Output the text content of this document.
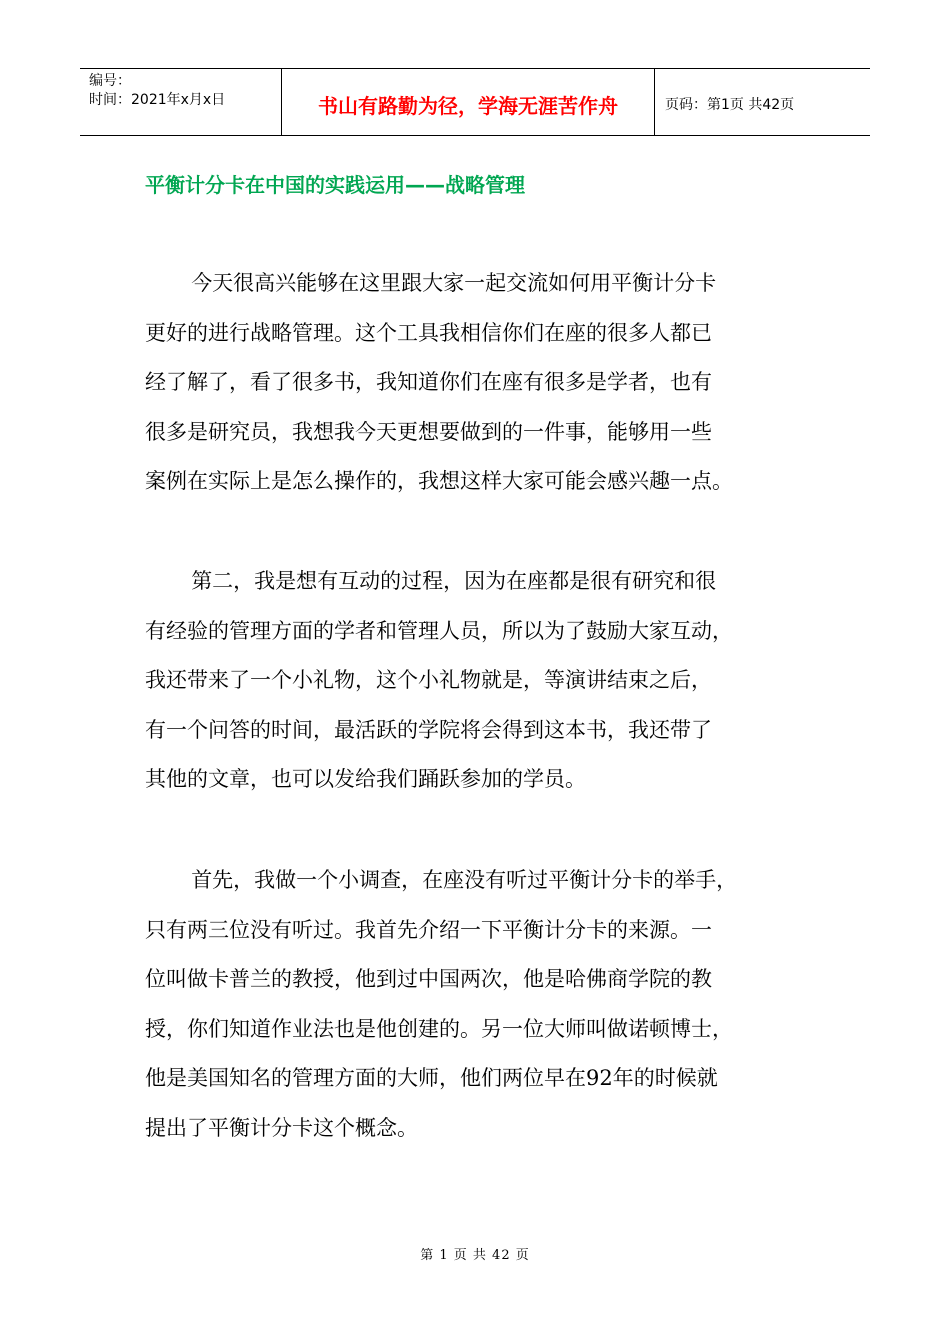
编号：
时间：2021年x月x日	书山有路勤为径，学海无涯苦作舟	页码：第1页 共42页
平衡计分卡在中国的实践运用——战略管理

今天很高兴能够在这里跟大家一起交流如何用平衡计分卡
更好的进行战略管理。这个工具我相信你们在座的很多人都已
经了解了，看了很多书，我知道你们在座有很多是学者，也有
很多是研究员，我想我今天更想要做到的一件事，能够用一些
案例在实际上是怎么操作的，我想这样大家可能会感兴趣一点。

第二，我是想有互动的过程，因为在座都是很有研究和很
有经验的管理方面的学者和管理人员，所以为了鼓励大家互动，
我还带来了一个小礼物，这个小礼物就是，等演讲结束之后，
有一个问答的时间，最活跃的学院将会得到这本书，我还带了
其他的文章，也可以发给我们踊跃参加的学员。

首先，我做一个小调查，在座没有听过平衡计分卡的举手，
只有两三位没有听过。我首先介绍一下平衡计分卡的来源。一
位叫做卡普兰的教授，他到过中国两次，他是哈佛商学院的教
授，你们知道作业法也是他创建的。另一位大师叫做诺顿博士，
他是美国知名的管理方面的大师，他们两位早在92年的时候就
提出了平衡计分卡这个概念。

第 1 页 共 42 页
